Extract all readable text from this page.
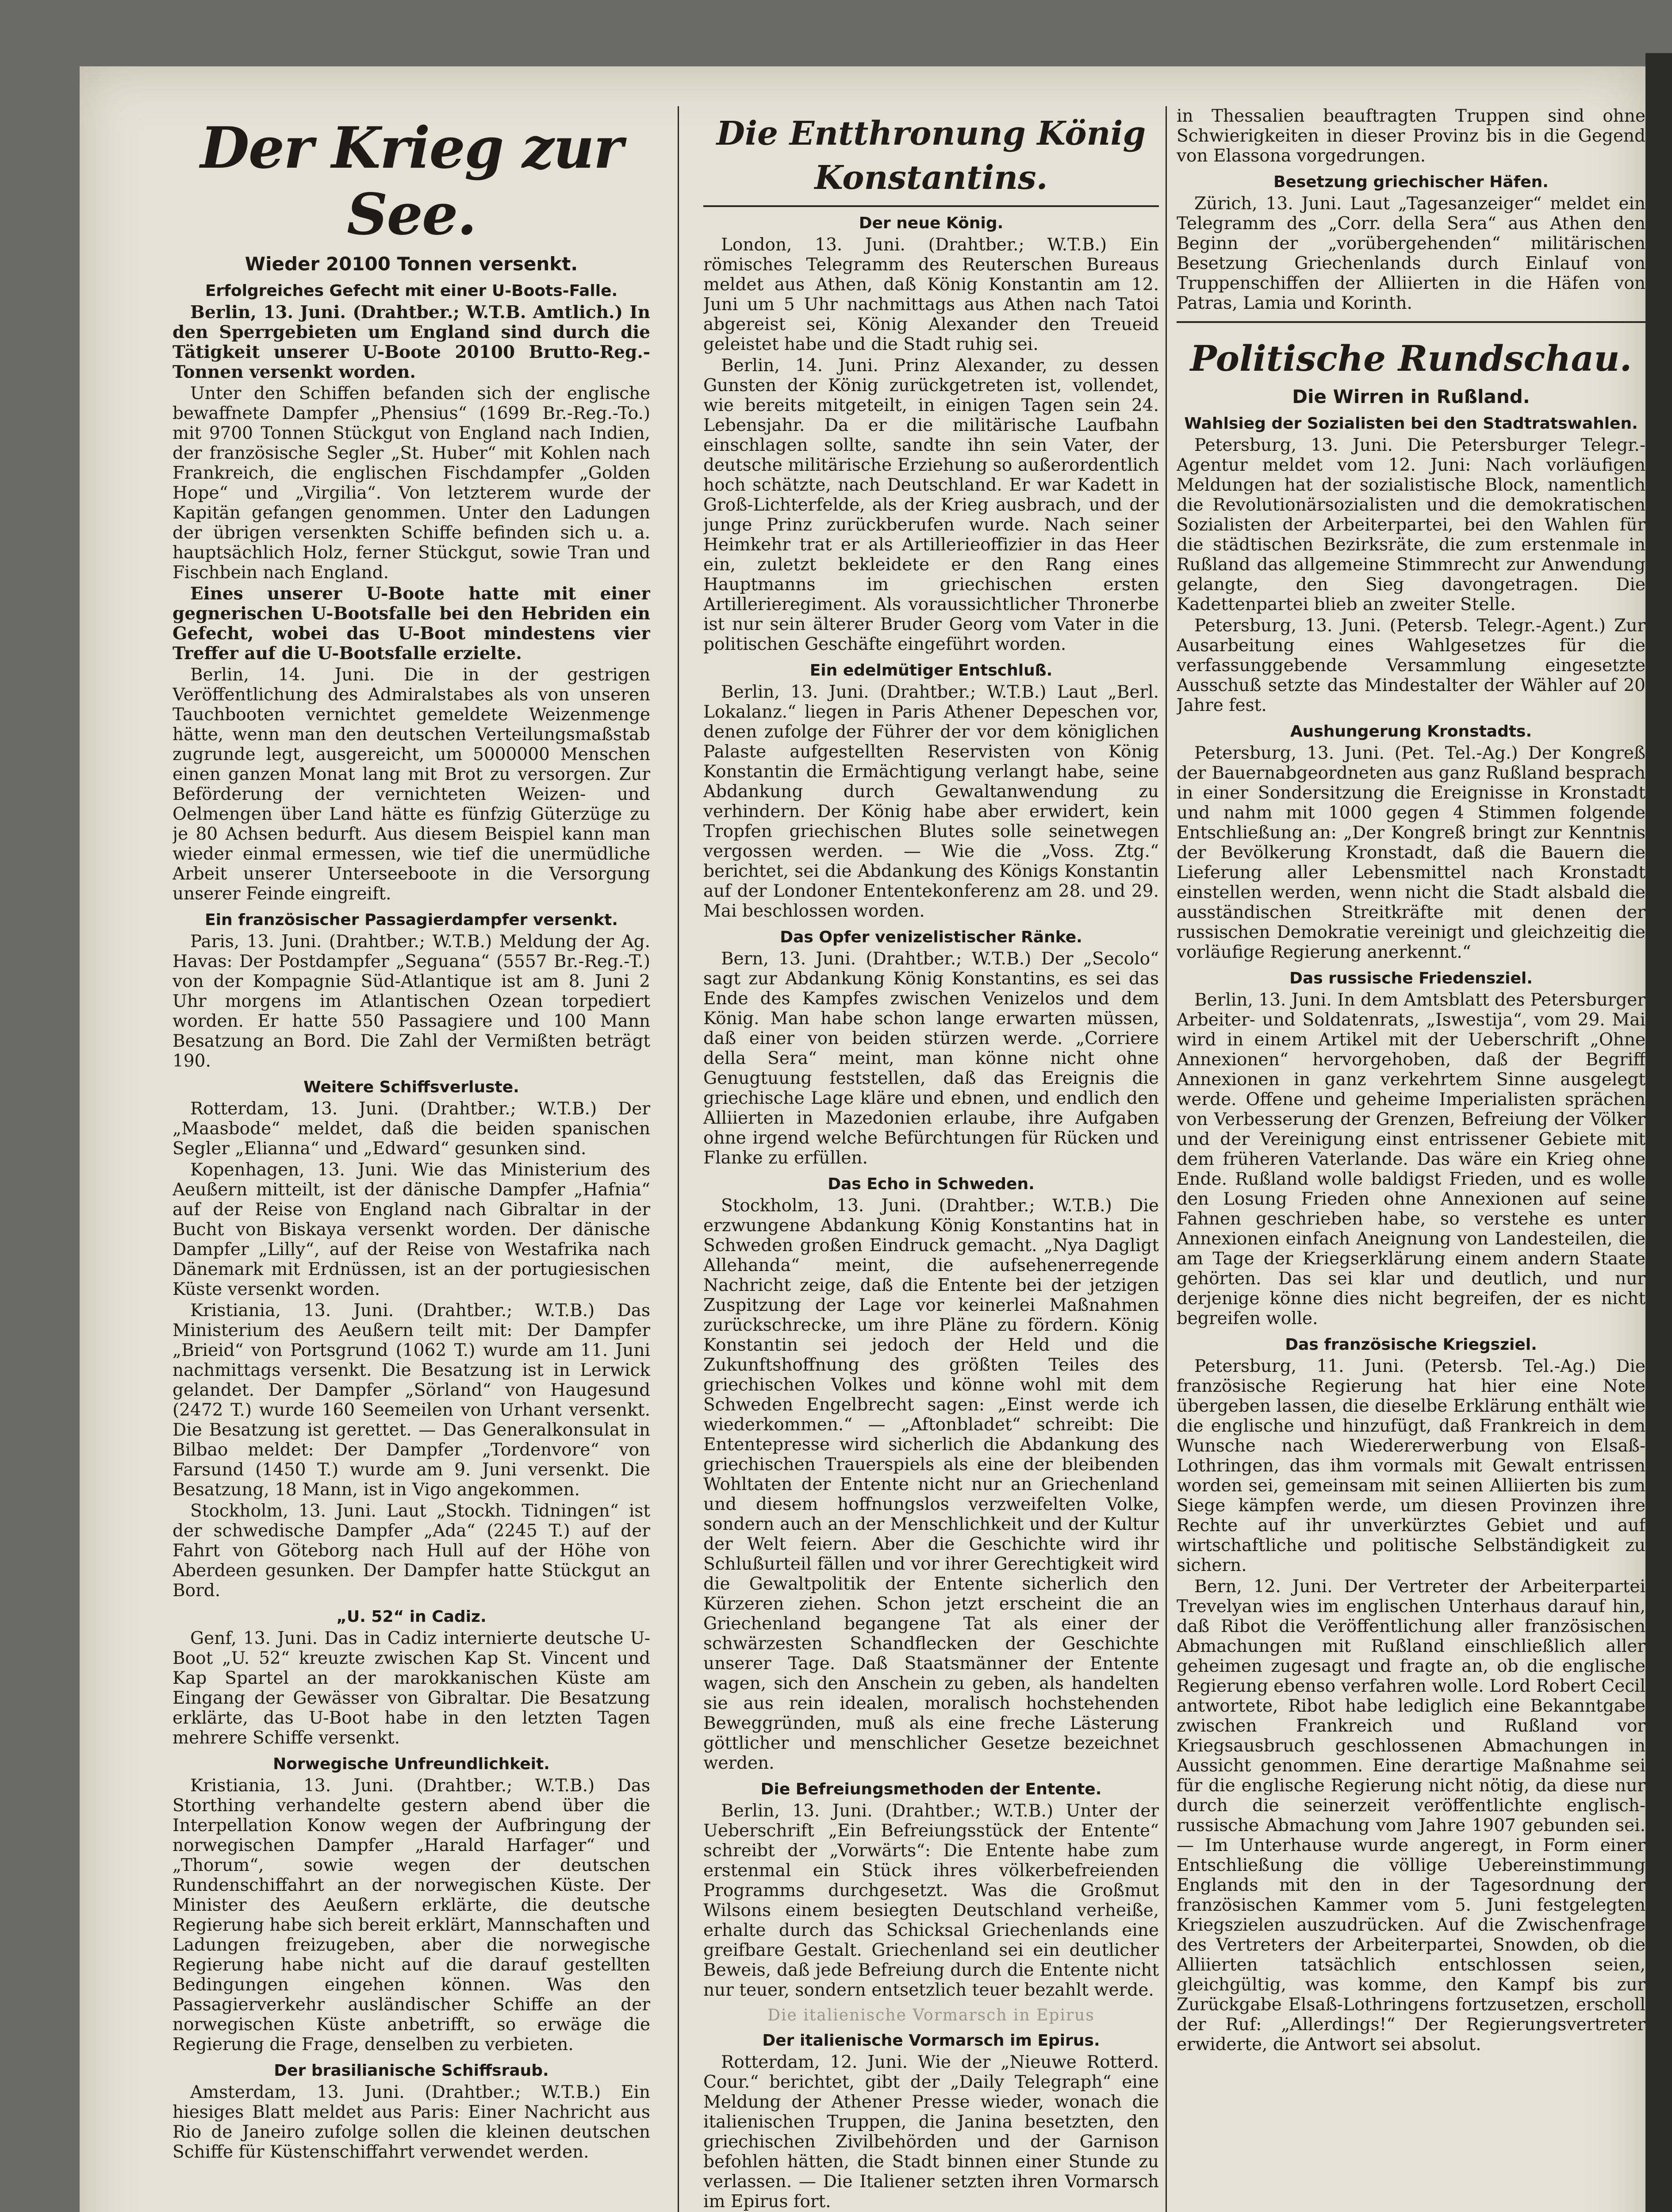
Der Krieg zur See.
Wieder 20100 Tonnen versenkt.
Erfolgreiches Gefecht mit einer U-Boots-Falle.

Berlin, 13. Juni. (Drahtber.; W.T.B. Amtlich.) In den Sperrgebieten um England sind durch die Tätigkeit unserer U-Boote 20100 Brutto-Reg.-Tonnen versenkt worden.

Unter den Schiffen befanden sich der englische bewaffnete Dampfer „Phensius“ (1699 Br.-Reg.-To.) mit 9700 Tonnen Stückgut von England nach Indien, der französische Segler „St. Huber“ mit Kohlen nach Frankreich, die englischen Fischdampfer „Golden Hope“ und „Virgilia“. Von letzterem wurde der Kapitän gefangen genommen. Unter den Ladungen der übrigen versenkten Schiffe befinden sich u. a. hauptsächlich Holz, ferner Stückgut, sowie Tran und Fischbein nach England.

Eines unserer U-Boote hatte mit einer gegnerischen U-Bootsfalle bei den Hebriden ein Gefecht, wobei das U-Boot mindestens vier Treffer auf die U-Bootsfalle erzielte.

Berlin, 14. Juni. Die in der gestrigen Veröffentlichung des Admiralstabes als von unseren Tauchbooten vernichtet gemeldete Weizenmenge hätte, wenn man den deutschen Verteilungsmaßstab zugrunde legt, ausgereicht, um 5000000 Menschen einen ganzen Monat lang mit Brot zu versorgen. Zur Beförderung der vernichteten Weizen- und Oelmengen über Land hätte es fünfzig Güterzüge zu je 80 Achsen bedurft. Aus diesem Beispiel kann man wieder einmal ermessen, wie tief die unermüdliche Arbeit unserer Unterseeboote in die Versorgung unserer Feinde eingreift.

Ein französischer Passagierdampfer versenkt.

Paris, 13. Juni. (Drahtber.; W.T.B.) Meldung der Ag. Havas: Der Postdampfer „Seguana“ (5557 Br.-Reg.-T.) von der Kompagnie Süd-Atlantique ist am 8. Juni 2 Uhr morgens im Atlantischen Ozean torpediert worden. Er hatte 550 Passagiere und 100 Mann Besatzung an Bord. Die Zahl der Vermißten beträgt 190.

Weitere Schiffsverluste.

Rotterdam, 13. Juni. (Drahtber.; W.T.B.) Der „Maasbode“ meldet, daß die beiden spanischen Segler „Elianna“ und „Edward“ gesunken sind.

Kopenhagen, 13. Juni. Wie das Ministerium des Aeußern mitteilt, ist der dänische Dampfer „Hafnia“ auf der Reise von England nach Gibraltar in der Bucht von Biskaya versenkt worden. Der dänische Dampfer „Lilly“, auf der Reise von Westafrika nach Dänemark mit Erdnüssen, ist an der portugiesischen Küste versenkt worden.

Kristiania, 13. Juni. (Drahtber.; W.T.B.) Das Ministerium des Aeußern teilt mit: Der Dampfer „Brieid“ von Portsgrund (1062 T.) wurde am 11. Juni nachmittags versenkt. Die Besatzung ist in Lerwick gelandet. Der Dampfer „Sörland“ von Haugesund (2472 T.) wurde 160 Seemeilen von Urhant versenkt. Die Besatzung ist gerettet. — Das Generalkonsulat in Bilbao meldet: Der Dampfer „Tordenvore“ von Farsund (1450 T.) wurde am 9. Juni versenkt. Die Besatzung, 18 Mann, ist in Vigo angekommen.

Stockholm, 13. Juni. Laut „Stockh. Tidningen“ ist der schwedische Dampfer „Ada“ (2245 T.) auf der Fahrt von Göteborg nach Hull auf der Höhe von Aberdeen gesunken. Der Dampfer hatte Stückgut an Bord.

„U. 52“ in Cadiz.

Genf, 13. Juni. Das in Cadiz internierte deutsche U-Boot „U. 52“ kreuzte zwischen Kap St. Vincent und Kap Spartel an der marokkanischen Küste am Eingang der Gewässer von Gibraltar. Die Besatzung erklärte, das U-Boot habe in den letzten Tagen mehrere Schiffe versenkt.

Norwegische Unfreundlichkeit.

Kristiania, 13. Juni. (Drahtber.; W.T.B.) Das Storthing verhandelte gestern abend über die Interpellation Konow wegen der Aufbringung der norwegischen Dampfer „Harald Harfager“ und „Thorum“, sowie wegen der deutschen Rundenschiffahrt an der norwegischen Küste. Der Minister des Aeußern erklärte, die deutsche Regierung habe sich bereit erklärt, Mannschaften und Ladungen freizugeben, aber die norwegische Regierung habe nicht auf die darauf gestellten Bedingungen eingehen können. Was den Passagierverkehr ausländischer Schiffe an der norwegischen Küste anbetrifft, so erwäge die Regierung die Frage, denselben zu verbieten.

Der brasilianische Schiffsraub.

Amsterdam, 13. Juni. (Drahtber.; W.T.B.) Ein hiesiges Blatt meldet aus Paris: Einer Nachricht aus Rio de Janeiro zufolge sollen die kleinen deutschen Schiffe für Küstenschiffahrt verwendet werden.

Die Entthronung König Konstantins.
Der neue König.

London, 13. Juni. (Drahtber.; W.T.B.) Ein römisches Telegramm des Reuterschen Bureaus meldet aus Athen, daß König Konstantin am 12. Juni um 5 Uhr nachmittags aus Athen nach Tatoi abgereist sei, König Alexander den Treueid geleistet habe und die Stadt ruhig sei.

Berlin, 14. Juni. Prinz Alexander, zu dessen Gunsten der König zurückgetreten ist, vollendet, wie bereits mitgeteilt, in einigen Tagen sein 24. Lebensjahr. Da er die militärische Laufbahn einschlagen sollte, sandte ihn sein Vater, der deutsche militärische Erziehung so außerordentlich hoch schätzte, nach Deutschland. Er war Kadett in Groß-Lichterfelde, als der Krieg ausbrach, und der junge Prinz zurückberufen wurde. Nach seiner Heimkehr trat er als Artillerieoffizier in das Heer ein, zuletzt bekleidete er den Rang eines Hauptmanns im griechischen ersten Artillerieregiment. Als voraussichtlicher Thronerbe ist nur sein älterer Bruder Georg vom Vater in die politischen Geschäfte eingeführt worden.

Ein edelmütiger Entschluß.

Berlin, 13. Juni. (Drahtber.; W.T.B.) Laut „Berl. Lokalanz.“ liegen in Paris Athener Depeschen vor, denen zufolge der Führer der vor dem königlichen Palaste aufgestellten Reservisten von König Konstantin die Ermächtigung verlangt habe, seine Abdankung durch Gewaltanwendung zu verhindern. Der König habe aber erwidert, kein Tropfen griechischen Blutes solle seinetwegen vergossen werden. — Wie die „Voss. Ztg.“ berichtet, sei die Abdankung des Königs Konstantin auf der Londoner Ententekonferenz am 28. und 29. Mai beschlossen worden.

Das Opfer venizelistischer Ränke.

Bern, 13. Juni. (Drahtber.; W.T.B.) Der „Secolo“ sagt zur Abdankung König Konstantins, es sei das Ende des Kampfes zwischen Venizelos und dem König. Man habe schon lange erwarten müssen, daß einer von beiden stürzen werde. „Corriere della Sera“ meint, man könne nicht ohne Genugtuung feststellen, daß das Ereignis die griechische Lage kläre und ebnen, und endlich den Alliierten in Mazedonien erlaube, ihre Aufgaben ohne irgend welche Befürchtungen für Rücken und Flanke zu erfüllen.

Das Echo in Schweden.

Stockholm, 13. Juni. (Drahtber.; W.T.B.) Die erzwungene Abdankung König Konstantins hat in Schweden großen Eindruck gemacht. „Nya Dagligt Allehanda“ meint, die aufsehenerregende Nachricht zeige, daß die Entente bei der jetzigen Zuspitzung der Lage vor keinerlei Maßnahmen zurückschrecke, um ihre Pläne zu fördern. König Konstantin sei jedoch der Held und die Zukunftshoffnung des größten Teiles des griechischen Volkes und könne wohl mit dem Schweden Engelbrecht sagen: „Einst werde ich wiederkommen.“ — „Aftonbladet“ schreibt: Die Ententepresse wird sicherlich die Abdankung des griechischen Trauerspiels als eine der bleibenden Wohltaten der Entente nicht nur an Griechenland und diesem hoffnungslos verzweifelten Volke, sondern auch an der Menschlichkeit und der Kultur der Welt feiern. Aber die Geschichte wird ihr Schlußurteil fällen und vor ihrer Gerechtigkeit wird die Gewaltpolitik der Entente sicherlich den Kürzeren ziehen. Schon jetzt erscheint die an Griechenland begangene Tat als einer der schwärzesten Schandflecken der Geschichte unserer Tage. Daß Staatsmänner der Entente wagen, sich den Anschein zu geben, als handelten sie aus rein idealen, moralisch hochstehenden Beweggründen, muß als eine freche Lästerung göttlicher und menschlicher Gesetze bezeichnet werden.

Die Befreiungsmethoden der Entente.

Berlin, 13. Juni. (Drahtber.; W.T.B.) Unter der Ueberschrift „Ein Befreiungsstück der Entente“ schreibt der „Vorwärts“: Die Entente habe zum erstenmal ein Stück ihres völkerbefreienden Programms durchgesetzt. Was die Großmut Wilsons einem besiegten Deutschland verheiße, erhalte durch das Schicksal Griechenlands eine greifbare Gestalt. Griechenland sei ein deutlicher Beweis, daß jede Befreiung durch die Entente nicht nur teuer, sondern entsetzlich teuer bezahlt werde.

Die italienische Vormarsch in Epirus
Der italienische Vormarsch im Epirus.

Rotterdam, 12. Juni. Wie der „Nieuwe Rotterd. Cour.“ berichtet, gibt der „Daily Telegraph“ eine Meldung der Athener Presse wieder, wonach die italienischen Truppen, die Janina besetzten, den griechischen Zivilbehörden und der Garnison befohlen hätten, die Stadt binnen einer Stunde zu verlassen. — Die Italiener setzten ihren Vormarsch im Epirus fort.

in Thessalien beauftragten Truppen sind ohne Schwierigkeiten in dieser Provinz bis in die Gegend von Elassona vorgedrungen.

Besetzung griechischer Häfen.

Zürich, 13. Juni. Laut „Tagesanzeiger“ meldet ein Telegramm des „Corr. della Sera“ aus Athen den Beginn der „vorübergehenden“ militärischen Besetzung Griechenlands durch Einlauf von Truppenschiffen der Alliierten in die Häfen von Patras, Lamia und Korinth.

Politische Rundschau.
Die Wirren in Rußland.
Wahlsieg der Sozialisten bei den Stadtratswahlen.

Petersburg, 13. Juni. Die Petersburger Telegr.-Agentur meldet vom 12. Juni: Nach vorläufigen Meldungen hat der sozialistische Block, namentlich die Revolutionärsozialisten und die demokratischen Sozialisten der Arbeiterpartei, bei den Wahlen für die städtischen Bezirksräte, die zum erstenmale in Rußland das allgemeine Stimmrecht zur Anwendung gelangte, den Sieg davongetragen. Die Kadettenpartei blieb an zweiter Stelle.

Petersburg, 13. Juni. (Petersb. Telegr.-Agent.) Zur Ausarbeitung eines Wahlgesetzes für die verfassunggebende Versammlung eingesetzte Ausschuß setzte das Mindestalter der Wähler auf 20 Jahre fest.

Aushungerung Kronstadts.

Petersburg, 13. Juni. (Pet. Tel.-Ag.) Der Kongreß der Bauernabgeordneten aus ganz Rußland besprach in einer Sondersitzung die Ereignisse in Kronstadt und nahm mit 1000 gegen 4 Stimmen folgende Entschließung an: „Der Kongreß bringt zur Kenntnis der Bevölkerung Kronstadt, daß die Bauern die Lieferung aller Lebensmittel nach Kronstadt einstellen werden, wenn nicht die Stadt alsbald die ausständischen Streitkräfte mit denen der russischen Demokratie vereinigt und gleichzeitig die vorläufige Regierung anerkennt.“

Das russische Friedensziel.

Berlin, 13. Juni. In dem Amtsblatt des Petersburger Arbeiter- und Soldatenrats, „Iswestija“, vom 29. Mai wird in einem Artikel mit der Ueberschrift „Ohne Annexionen“ hervorgehoben, daß der Begriff Annexionen in ganz verkehrtem Sinne ausgelegt werde. Offene und geheime Imperialisten sprächen von Verbesserung der Grenzen, Befreiung der Völker und der Vereinigung einst entrissener Gebiete mit dem früheren Vaterlande. Das wäre ein Krieg ohne Ende. Rußland wolle baldigst Frieden, und es wolle den Losung Frieden ohne Annexionen auf seine Fahnen geschrieben habe, so verstehe es unter Annexionen einfach Aneignung von Landesteilen, die am Tage der Kriegserklärung einem andern Staate gehörten. Das sei klar und deutlich, und nur derjenige könne dies nicht begreifen, der es nicht begreifen wolle.

Das französische Kriegsziel.

Petersburg, 11. Juni. (Petersb. Tel.-Ag.) Die französische Regierung hat hier eine Note übergeben lassen, die dieselbe Erklärung enthält wie die englische und hinzufügt, daß Frankreich in dem Wunsche nach Wiedererwerbung von Elsaß-Lothringen, das ihm vormals mit Gewalt entrissen worden sei, gemeinsam mit seinen Alliierten bis zum Siege kämpfen werde, um diesen Provinzen ihre Rechte auf ihr unverkürztes Gebiet und auf wirtschaftliche und politische Selbständigkeit zu sichern.

Bern, 12. Juni. Der Vertreter der Arbeiterpartei Trevelyan wies im englischen Unterhaus darauf hin, daß Ribot die Veröffentlichung aller französischen Abmachungen mit Rußland einschließlich aller geheimen zugesagt und fragte an, ob die englische Regierung ebenso verfahren wolle. Lord Robert Cecil antwortete, Ribot habe lediglich eine Bekanntgabe zwischen Frankreich und Rußland vor Kriegsausbruch geschlossenen Abmachungen in Aussicht genommen. Eine derartige Maßnahme sei für die englische Regierung nicht nötig, da diese nur durch die seinerzeit veröffentlichte englisch-russische Abmachung vom Jahre 1907 gebunden sei. — Im Unterhause wurde angeregt, in Form einer Entschließung die völlige Uebereinstimmung Englands mit den in der Tagesordnung der französischen Kammer vom 5. Juni festgelegten Kriegszielen auszudrücken. Auf die Zwischenfrage des Vertreters der Arbeiterpartei, Snowden, ob die Alliierten tatsächlich entschlossen seien, gleichgültig, was komme, den Kampf bis zur Zurückgabe Elsaß-Lothringens fortzusetzen, erscholl der Ruf: „Allerdings!“ Der Regierungsvertreter erwiderte, die Antwort sei absolut.
